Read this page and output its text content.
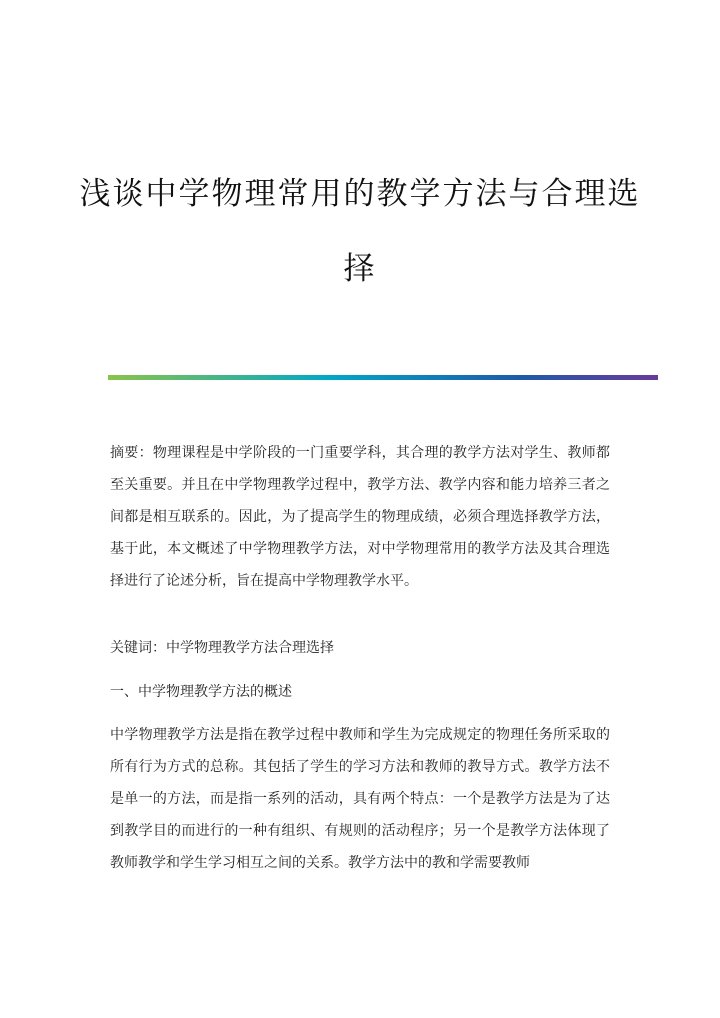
浅谈中学物理常用的教学方法与合理选
择

摘要：物理课程是中学阶段的一门重要学科，其合理的教学方法对学生、教师都至关重要。并且在中学物理教学过程中，教学方法、教学内容和能力培养三者之间都是相互联系的。因此，为了提高学生的物理成绩，必须合理选择教学方法，基于此，本文概述了中学物理教学方法，对中学物理常用的教学方法及其合理选择进行了论述分析，旨在提高中学物理教学水平。

关键词：中学物理教学方法合理选择

一、中学物理教学方法的概述

中学物理教学方法是指在教学过程中教师和学生为完成规定的物理任务所采取的所有行为方式的总称。其包括了学生的学习方法和教师的教导方式。教学方法不是单一的方法，而是指一系列的活动，具有两个特点：一个是教学方法是为了达到教学目的而进行的一种有组织、有规则的活动程序；另一个是教学方法体现了教师教学和学生学习相互之间的关系。教学方法中的教和学需要教师
